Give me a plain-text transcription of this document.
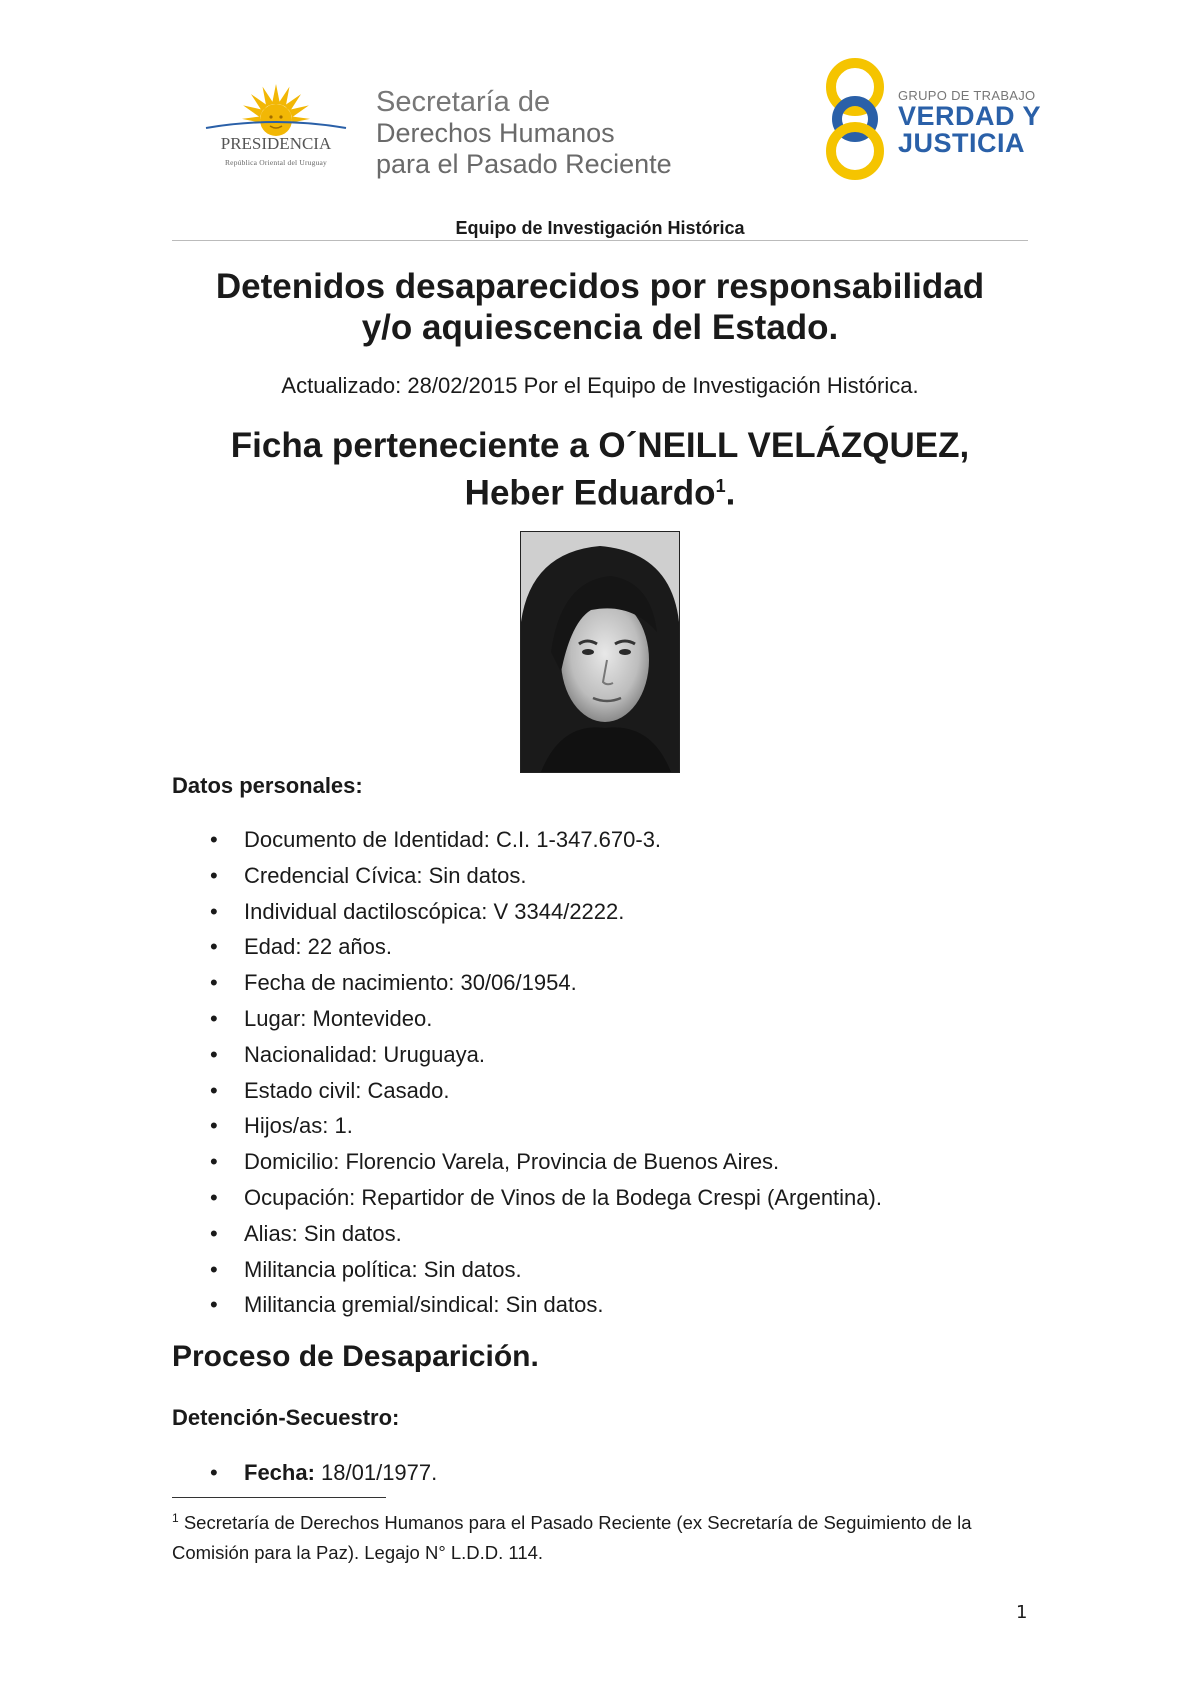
PRESIDENCIA
República Oriental del Uruguay
Secretaría de
Derechos Humanos
para el Pasado Reciente
GRUPO DE TRABAJO
VERDAD Y
JUSTICIA
Equipo de Investigación Histórica
Detenidos desaparecidos por responsabilidad
y/o aquiescencia del Estado.
Actualizado: 28/02/2015 Por el Equipo de Investigación Histórica.
Ficha perteneciente a O´NEILL VELÁZQUEZ,
Heber Eduardo$^1$.
Datos personales:
• Documento de Identidad: C.I. 1-347.670-3.
• Credencial Cívica: Sin datos.
• Individual dactiloscópica: V 3344/2222.
• Edad: 22 años.
• Fecha de nacimiento: 30/06/1954.
• Lugar: Montevideo.
• Nacionalidad: Uruguaya.
• Estado civil: Casado.
• Hijos/as: 1.
• Domicilio: Florencio Varela, Provincia de Buenos Aires.
• Ocupación: Repartidor de Vinos de la Bodega Crespi (Argentina).
• Alias: Sin datos.
• Militancia política: Sin datos.
• Militancia gremial/sindical: Sin datos.
Proceso de Desaparición.
Detención-Secuestro:
• Fecha: 18/01/1977.
$^1$ Secretaría de Derechos Humanos para el Pasado Reciente (ex Secretaría de Seguimiento de la Comisión para la Paz). Legajo N° L.D.D. 114.
1
